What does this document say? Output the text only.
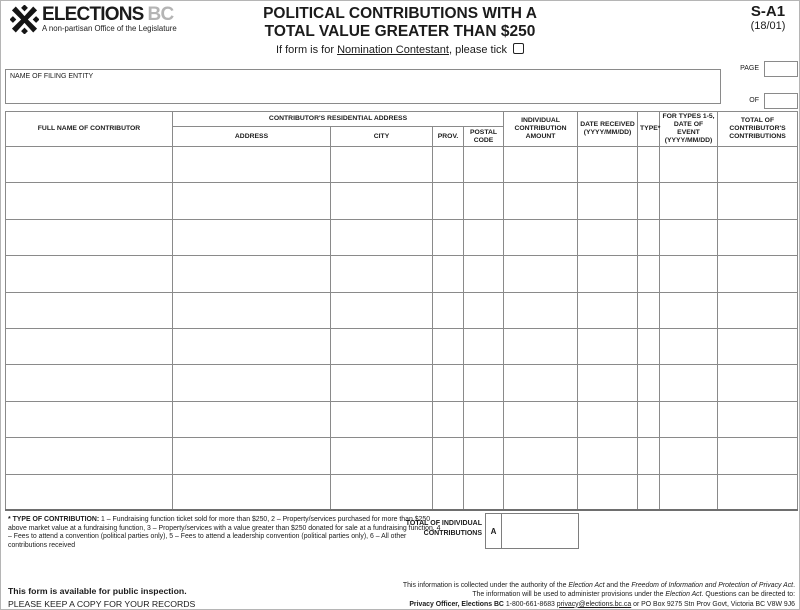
ELECTIONS BC
A non-partisan Office of the Legislature
POLITICAL CONTRIBUTIONS WITH A
TOTAL VALUE GREATER THAN $250
If form is for Nomination Contestant, please tick
S-A1
(18/01)
NAME OF FILING ENTITY
PAGE
OF
FULL NAME OF CONTRIBUTOR	CONTRIBUTOR'S RESIDENTIAL ADDRESS				INDIVIDUAL CONTRIBUTION AMOUNT	DATE RECEIVED (YYYY/MM/DD)	TYPE*	FOR TYPES 1-5, DATE OF EVENT (YYYY/MM/DD)	TOTAL OF CONTRIBUTOR'S CONTRIBUTIONS
	ADDRESS	CITY	PROV.	POSTAL CODE					

* TYPE OF CONTRIBUTION: 1 – Fundraising function ticket sold for more than $250, 2 – Property/services purchased for more than $250 above market value at a fundraising function, 3 – Property/services with a value greater than $250 donated for sale at a fundraising function, 4 – Fees to attend a convention (political parties only), 5 – Fees to attend a leadership convention (political parties only), 6 – All other contributions received
TOTAL OF INDIVIDUAL CONTRIBUTIONS	A
This form is available for public inspection.
PLEASE KEEP A COPY FOR YOUR RECORDS
This information is collected under the authority of the Election Act and the Freedom of Information and Protection of Privacy Act.
The information will be used to administer provisions under the Election Act. Questions can be directed to:
Privacy Officer, Elections BC 1-800-661-8683 privacy@elections.bc.ca or PO Box 9275 Stn Prov Govt, Victoria BC V8W 9J6
